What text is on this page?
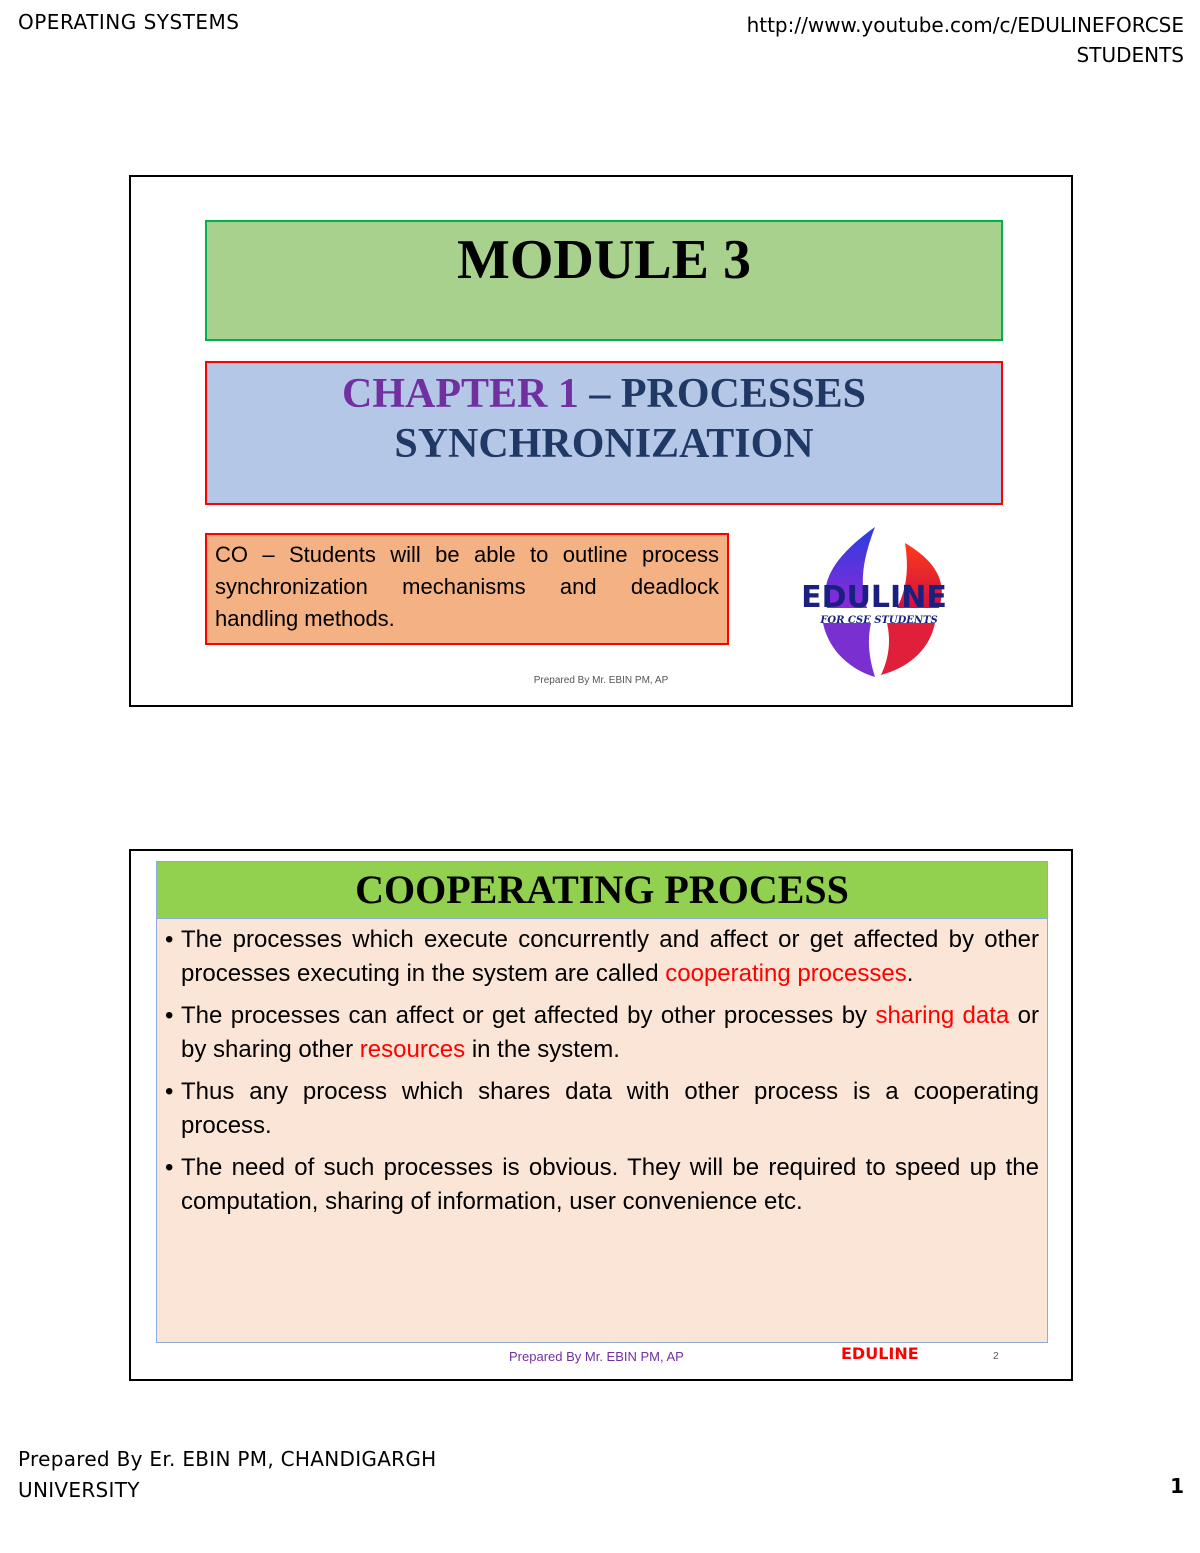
OPERATING SYSTEMS	http://www.youtube.com/c/EDULINEFORCSE
STUDENTS
MODULE 3
CHAPTER 1 – PROCESSES
SYNCHRONIZATION
CO – Students will be able to outline process synchronization mechanisms and deadlock handling methods.
EDULINE
FOR CSE STUDENTS
Prepared By Mr. EBIN PM, AP
COOPERATING PROCESS
• The processes which execute concurrently and affect or get affected by other processes executing in the system are called cooperating processes.
• The processes can affect or get affected by other processes by sharing data or by sharing other resources in the system.
• Thus any process which shares data with other process is a cooperating process.
• The need of such processes is obvious. They will be required to speed up the computation, sharing of information, user convenience etc.
Prepared By Mr. EBIN PM, AP	EDULINE	2
Prepared By Er. EBIN PM, CHANDIGARGH UNIVERSITY	1
